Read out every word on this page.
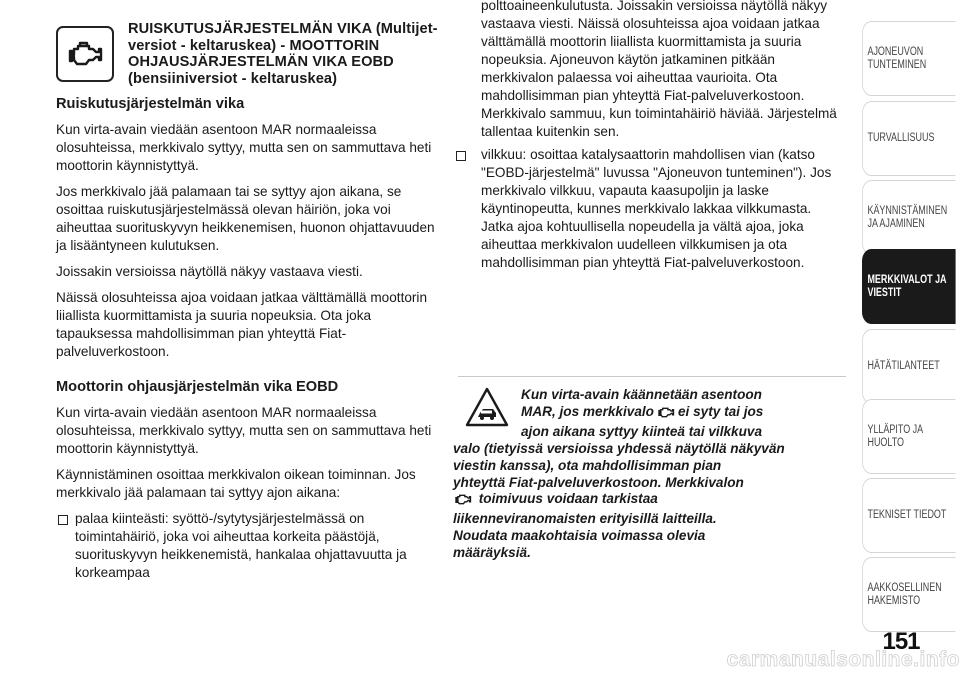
RUISKUTUSJÄRJESTELMÄN VIKA (Multijet-versiot - keltaruskea) - MOOTTORIN OHJAUSJÄRJESTELMÄN VIKA EOBD (bensiiniversiot - keltaruskea)

Ruiskutusjärjestelmän vika

Kun virta-avain viedään asentoon MAR normaaleissa olosuhteissa, merkkivalo syttyy, mutta sen on sammuttava heti moottorin käynnistyttyä.

Jos merkkivalo jää palamaan tai se syttyy ajon aikana, se osoittaa ruiskutusjärjestelmässä olevan häiriön, joka voi aiheuttaa suorituskyvyn heikkenemisen, huonon ohjattavuuden ja lisääntyneen kulutuksen.

Joissakin versioissa näytöllä näkyy vastaava viesti.

Näissä olosuhteissa ajoa voidaan jatkaa välttämällä moottorin liiallista kuormittamista ja suuria nopeuksia. Ota joka tapauksessa mahdollisimman pian yhteyttä Fiat-palveluverkostoon.

Moottorin ohjausjärjestelmän vika EOBD

Kun virta-avain viedään asentoon MAR normaaleissa olosuhteissa, merkkivalo syttyy, mutta sen on sammuttava heti moottorin käynnistyttyä.

Käynnistäminen osoittaa merkkivalon oikean toiminnan. Jos merkkivalo jää palamaan tai syttyy ajon aikana:

palaa kiinteästi: syöttö-/sytytysjärjestelmässä on toimintahäiriö, joka voi aiheuttaa korkeita päästöjä, suorituskyvyn heikkenemistä, hankalaa ohjattavuutta ja korkeampaa

polttoaineenkulutusta. Joissakin versioissa näytöllä näkyy vastaava viesti. Näissä olosuhteissa ajoa voidaan jatkaa välttämällä moottorin liiallista kuormittamista ja suuria nopeuksia. Ajoneuvon käytön jatkaminen pitkään merkkivalon palaessa voi aiheuttaa vaurioita. Ota mahdollisimman pian yhteyttä Fiat-palveluverkostoon. Merkkivalo sammuu, kun toimintahäiriö häviää. Järjestelmä tallentaa kuitenkin sen.

vilkkuu: osoittaa katalysaattorin mahdollisen vian (katso "EOBD-järjestelmä" luvussa "Ajoneuvon tunteminen"). Jos merkkivalo vilkkuu, vapauta kaasupoljin ja laske käyntinopeutta, kunnes merkkivalo lakkaa vilkkumasta. Jatka ajoa kohtuullisella nopeudella ja vältä ajoa, joka aiheuttaa merkkivalon uudelleen vilkkumisen ja ota mahdollisimman pian yhteyttä Fiat-palveluverkostoon.

Kun virta-avain käännetään asentoon

MAR, jos merkkivalo ei syty tai jos

ajon aikana syttyy kiinteä tai vilkkuva

valo (tietyissä versioissa yhdessä näytöllä näkyvän

viestin kanssa), ota mahdollisimman pian

yhteyttä Fiat-palveluverkostoon. Merkkivalon

toimivuus voidaan tarkistaa

liikenneviranomaisten erityisillä laitteilla.

Noudata maakohtaisia voimassa olevia

määräyksiä.

AJONEUVON TUNTEMINEN
TURVALLISUUS
KÄYNNISTÄMINEN JA AJAMINEN
MERKKIVALOT JA VIESTIT
HÄTÄTILANTEET
YLLÄPITO JA HUOLTO
TEKNISET TIEDOT
AAKKOSELLINEN HAKEMISTO
151
carmanualsonline.info
